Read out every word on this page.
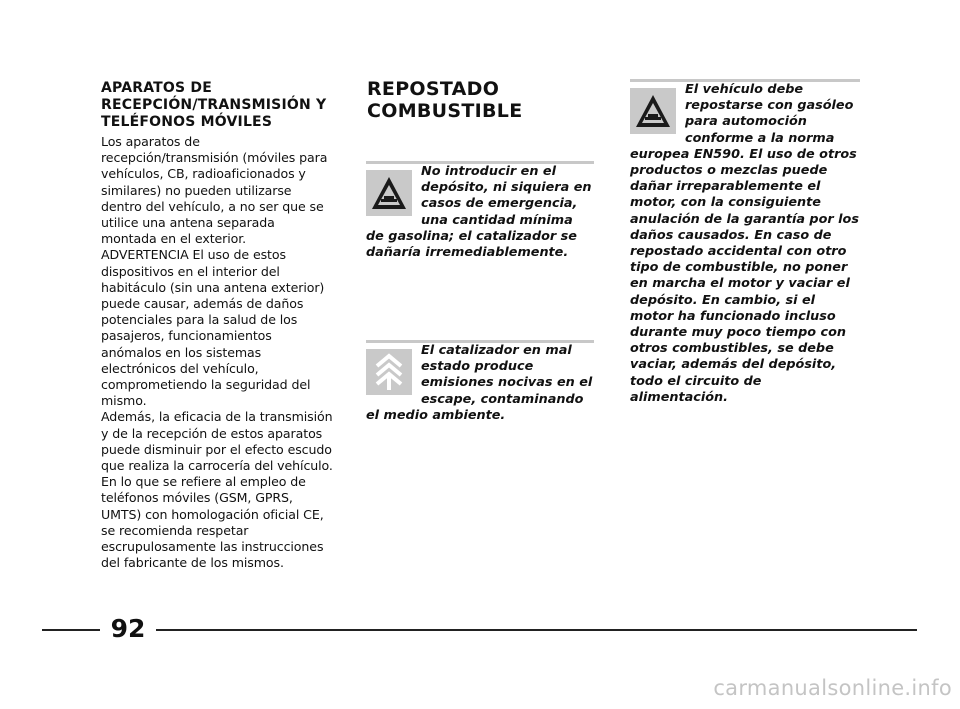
APARATOS DE RECEPCIÓN/TRANSMISIÓN Y TELÉFONOS MÓVILES

Los aparatos de recepción/transmisión (móviles para vehículos, CB, radioaficionados y similares) no pueden utilizarse dentro del vehículo, a no ser que se utilice una antena separada montada en el exterior.

ADVERTENCIA El uso de estos dispositivos en el interior del habitáculo (sin una antena exterior) puede causar, además de daños potenciales para la salud de los pasajeros, funcionamientos anómalos en los sistemas electrónicos del vehículo, comprometiendo la seguridad del mismo.

Además, la eficacia de la transmisión y de la recepción de estos aparatos puede disminuir por el efecto escudo que realiza la carrocería del vehículo.

En lo que se refiere al empleo de teléfonos móviles (GSM, GPRS, UMTS) con homologación oficial CE, se recomienda respetar escrupulosamente las instrucciones del fabricante de los mismos.

REPOSTADO COMBUSTIBLE

No introducir en el depósito, ni siquiera en casos de emergencia, una cantidad mínima de gasolina; el catalizador se dañaría irremediablemente.

El catalizador en mal estado produce emisiones nocivas en el escape, contaminando el medio ambiente.

El vehículo debe repostarse con gasóleo para automoción conforme a la norma europea EN590. El uso de otros productos o mezclas puede dañar irreparablemente el motor, con la consiguiente anulación de la garantía por los daños causados. En caso de repostado accidental con otro tipo de combustible, no poner en marcha el motor y vaciar el depósito. En cambio, si el motor ha funcionado incluso durante muy poco tiempo con otros combustibles, se debe vaciar, además del depósito, todo el circuito de alimentación.

92
carmanualsonline.info
